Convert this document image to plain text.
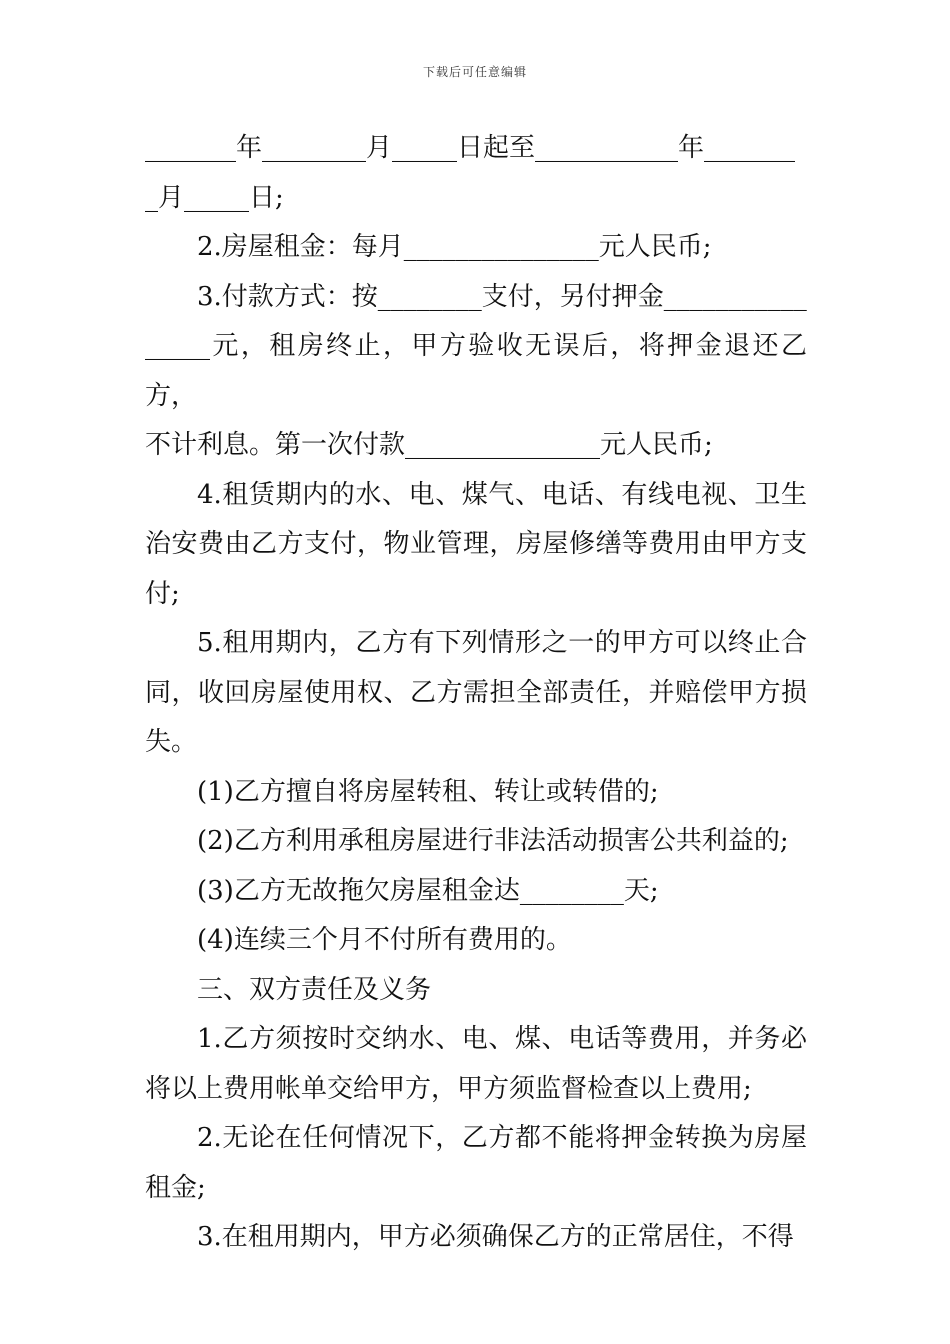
下载后可任意编辑

_______年________月_____日起至___________年_______

_月_____日;

2.房屋租金：每月_______________元人民币;

3.付款方式：按________支付，另付押金___________

_____元，租房终止，甲方验收无误后，将押金退还乙方，

不计利息。第一次付款_______________元人民币;

4.租赁期内的水、电、煤气、电话、有线电视、卫生治安费由乙方支付，物业管理，房屋修缮等费用由甲方支付;

5.租用期内，乙方有下列情形之一的甲方可以终止合同，收回房屋使用权、乙方需担全部责任，并赔偿甲方损失。

(1)乙方擅自将房屋转租、转让或转借的;

(2)乙方利用承租房屋进行非法活动损害公共利益的;

(3)乙方无故拖欠房屋租金达________天;

(4)连续三个月不付所有费用的。

三、双方责任及义务

1.乙方须按时交纳水、电、煤、电话等费用，并务必将以上费用帐单交给甲方，甲方须监督检查以上费用;

2.无论在任何情况下，乙方都不能将押金转换为房屋租金;

3.在租用期内，甲方必须确保乙方的正常居住，不得
